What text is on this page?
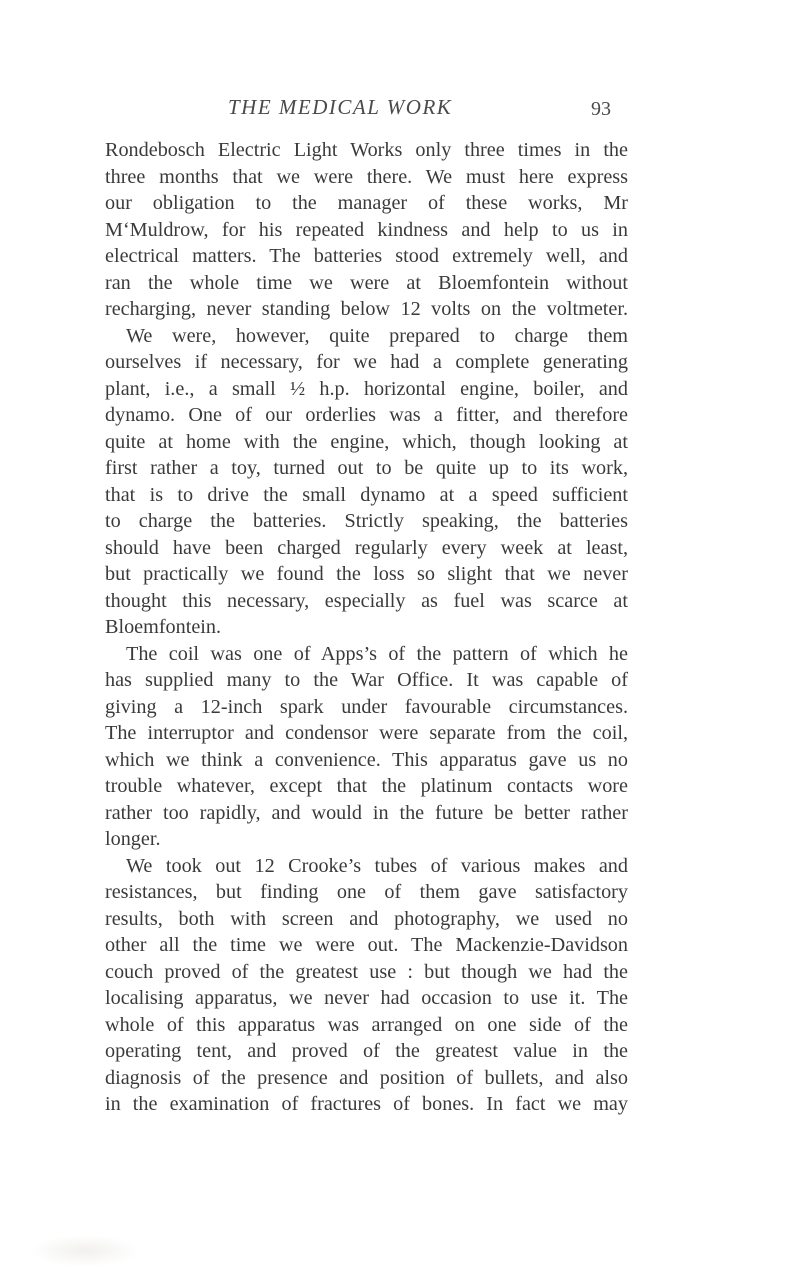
THE MEDICAL WORK	93
Rondebosch Electric Light Works only three times in the
three months that we were there. We must here express
our obligation to the manager of these works, Mr
M‘Muldrow, for his repeated kindness and help to us in
electrical matters. The batteries stood extremely well, and
ran the whole time we were at Bloemfontein without
recharging, never standing below 12 volts on the voltmeter.
We were, however, quite prepared to charge them
ourselves if necessary, for we had a complete generating
plant, i.e., a small ½ h.p. horizontal engine, boiler, and
dynamo. One of our orderlies was a fitter, and therefore
quite at home with the engine, which, though looking at
first rather a toy, turned out to be quite up to its work,
that is to drive the small dynamo at a speed sufficient
to charge the batteries. Strictly speaking, the batteries
should have been charged regularly every week at least,
but practically we found the loss so slight that we never
thought this necessary, especially as fuel was scarce at
Bloemfontein.
The coil was one of Apps’s of the pattern of which he
has supplied many to the War Office. It was capable of
giving a 12-inch spark under favourable circumstances.
The interruptor and condensor were separate from the coil,
which we think a convenience. This apparatus gave us no
trouble whatever, except that the platinum contacts wore
rather too rapidly, and would in the future be better rather
longer.
We took out 12 Crooke’s tubes of various makes and
resistances, but finding one of them gave satisfactory
results, both with screen and photography, we used no
other all the time we were out. The Mackenzie-Davidson
couch proved of the greatest use : but though we had the
localising apparatus, we never had occasion to use it. The
whole of this apparatus was arranged on one side of the
operating tent, and proved of the greatest value in the
diagnosis of the presence and position of bullets, and also
in the examination of fractures of bones. In fact we may
